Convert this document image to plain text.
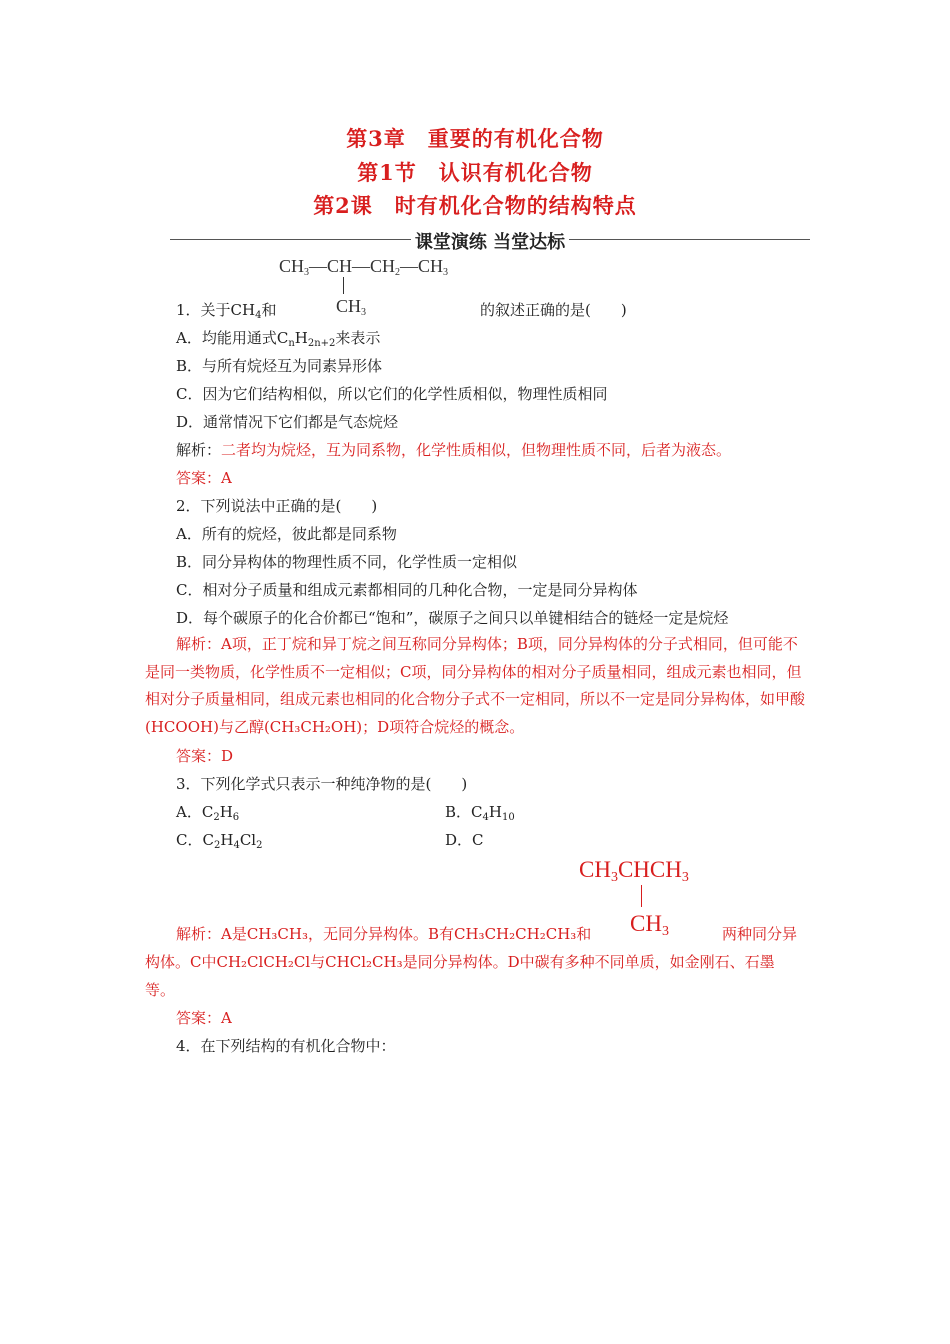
第3章　重要的有机化合物
第1节　认识有机化合物
第2课　时有机化合物的结构特点
课堂演练 当堂达标
$CH_3—CH—CH_2—CH_3$
$CH_3$
1．关于$CH_4$和	的叙述正确的是(　　)
A．均能用通式$C_nH_{2n+2}$来表示
B．与所有烷烃互为同素异形体
C．因为它们结构相似，所以它们的化学性质相似，物理性质相同
D．通常情况下它们都是气态烷烃
解析：二者均为烷烃，互为同系物，化学性质相似，但物理性质不同，后者为液态。
答案：A
2．下列说法中正确的是(　　)
A．所有的烷烃，彼此都是同系物
B．同分异构体的物理性质不同，化学性质一定相似
C．相对分子质量和组成元素都相同的几种化合物，一定是同分异构体
D．每个碳原子的化合价都已“饱和”，碳原子之间只以单键相结合的链烃一定是烷烃
解析：A项，正丁烷和异丁烷之间互称同分异构体；B项，同分异构体的分子式相同，但可能不是同一类物质，化学性质不一定相似；C项，同分异构体的相对分子质量相同，组成元素也相同，但相对分子质量相同，组成元素也相同的化合物分子式不一定相同，所以不一定是同分异构体，如甲酸(HCOOH)与乙醇(CH₃CH₂OH)；D项符合烷烃的概念。
答案：D
3．下列化学式只表示一种纯净物的是(　　)
A．$C_2H_6$	B．$C_4H_{10}$
C．$C_2H_4Cl_2$	D．C
$CH_3CHCH_3$
$CH_3$
解析：A是CH₃CH₃，无同分异构体。B有CH₃CH₂CH₂CH₃和	两种同分异
构体。C中CH₂ClCH₂Cl与CHCl₂CH₃是同分异构体。D中碳有多种不同单质，如金刚石、石墨
等。
答案：A
4．在下列结构的有机化合物中：
